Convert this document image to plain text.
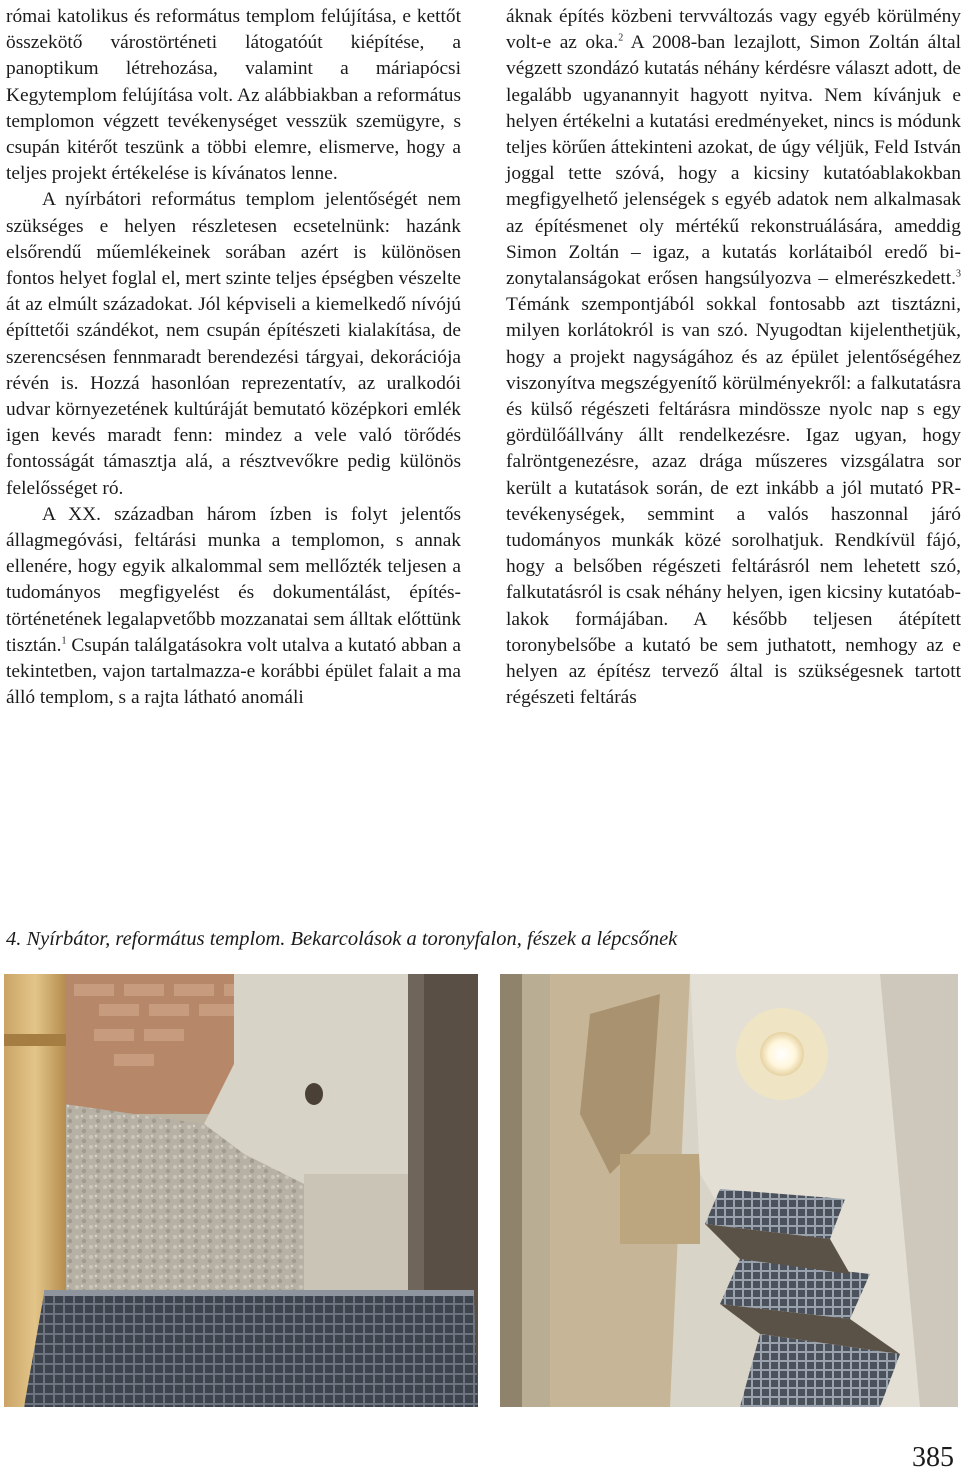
római katolikus és református templom felújítása, e kettőt összekötő várostörténeti látogatóút kiépítése, a panoptikum létrehozása, valamint a máriapócsi Kegytemplom felújítása volt. Az alábbiakban a református templomon végzett tevékenységet vesszük szemügyre, s csupán kitérőt teszünk a többi elemre, elismerve, hogy a teljes projekt értékelése is kívánatos lenne.

A nyírbátori református templom jelentőségét nem szükséges e helyen részletesen ecsetelnünk: hazánk elsőrendű műemlékeinek sorában azért is különösen fontos helyet foglal el, mert szinte teljes épségben vészelte át az elmúlt századokat. Jól képviseli a kiemelkedő nívójú építtetői szándékot, nem csupán építészeti kialakítása, de szerencsésen fennmaradt berendezési tárgyai, dekorációja révén is. Hozzá hasonlóan reprezentatív, az uralkodói udvar környezetének kultúráját bemutató középkori emlék igen kevés maradt fenn: mindez a vele való törődés fontosságát támasztja alá, a résztvevőkre pedig különös felelősséget ró.

A XX. században három ízben is folyt jelentős állagmegóvási, feltárási munka a templomon, s annak ellenére, hogy egyik alkalommal sem mellőzték teljesen a tudományos megfigyelést és dokumentálást, építéstörténetének legalapvetőbb mozzanatai sem álltak előttünk tisztán.$^1$ Csupán találgatásokra volt utalva a kutató abban a tekintetben, vajon tartalmazza-e korábbi épület falait a ma álló templom, s a rajta látható anomáli

áknak építés közbeni tervváltozás vagy egyéb körülmény volt-e az oka.$^2$ A 2008-ban lezajlott, Simon Zoltán által végzett szondázó kutatás néhány kérdésre választ adott, de legalább ugyanannyit hagyott nyitva. Nem kívánjuk e helyen értékelni a kutatási eredményeket, nincs is módunk teljes körűen áttekinteni azokat, de úgy véljük, Feld István joggal tette szóvá, hogy a kicsiny kutatóablakokban megfigyelhető jelenségek s egyéb adatok nem alkalmasak az építésmenet oly mértékű rekonstruálására, ameddig Simon Zoltán – igaz, a kutatás korlátaiból eredő bizonytalanságokat erősen hangsúlyozva – elmerészkedett.$^3$ Témánk szempontjából sokkal fontosabb azt tisztázni, milyen korlátokról is van szó. Nyugodtan kijelenthetjük, hogy a projekt nagyságához és az épület jelentőségéhez viszonyítva megszégyenítő körülményekről: a falkutatásra és külső régészeti feltárásra mindössze nyolc nap s egy gördülőállvány állt rendelkezésre. Igaz ugyan, hogy falröntgenezésre, azaz drága műszeres vizsgálatra sor került a kutatások során, de ezt inkább a jól mutató PR-tevékenységek, semmint a valós haszonnal járó tudományos munkák közé sorolhatjuk. Rendkívül fájó, hogy a belsőben régészeti feltárásról nem lehetett szó, falkutatásról is csak néhány helyen, igen kicsiny kutatóablakok formájában. A később teljesen átépített toronybelsőbe a kutató be sem juthatott, nemhogy az e helyen az építész tervező által is szükségesnek tartott régészeti feltárás

4. Nyírbátor, református templom. Bekarcolások a toronyfalon, fészek a lépcsőnek
385
